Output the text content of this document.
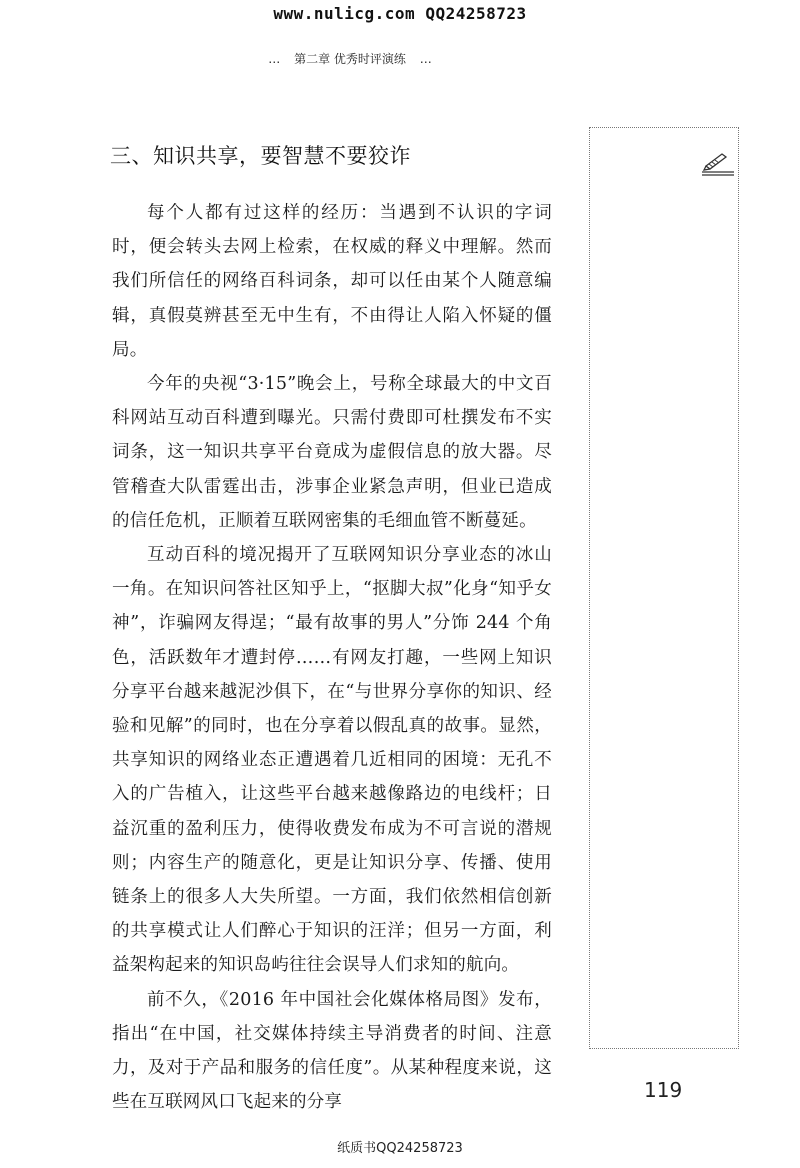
www.nulicg.com QQ24258723
… 第二章 优秀时评演练 …
三、知识共享，要智慧不要狡诈

每个人都有过这样的经历：当遇到不认识的字词时，便会转头去网上检索，在权威的释义中理解。然而我们所信任的网络百科词条，却可以任由某个人随意编辑，真假莫辨甚至无中生有，不由得让人陷入怀疑的僵局。

今年的央视“3·15”晚会上，号称全球最大的中文百科网站互动百科遭到曝光。只需付费即可杜撰发布不实词条，这一知识共享平台竟成为虚假信息的放大器。尽管稽查大队雷霆出击，涉事企业紧急声明，但业已造成的信任危机，正顺着互联网密集的毛细血管不断蔓延。

互动百科的境况揭开了互联网知识分享业态的冰山一角。在知识问答社区知乎上，“抠脚大叔”化身“知乎女神”，诈骗网友得逞；“最有故事的男人”分饰 244 个角色，活跃数年才遭封停……有网友打趣，一些网上知识分享平台越来越泥沙俱下，在“与世界分享你的知识、经验和见解”的同时，也在分享着以假乱真的故事。显然，共享知识的网络业态正遭遇着几近相同的困境：无孔不入的广告植入，让这些平台越来越像路边的电线杆；日益沉重的盈利压力，使得收费发布成为不可言说的潜规则；内容生产的随意化，更是让知识分享、传播、使用链条上的很多人大失所望。一方面，我们依然相信创新的共享模式让人们醉心于知识的汪洋；但另一方面，利益架构起来的知识岛屿往往会误导人们求知的航向。

前不久，《2016 年中国社会化媒体格局图》发布，指出“在中国，社交媒体持续主导消费者的时间、注意力，及对于产品和服务的信任度”。从某种程度来说，这些在互联网风口飞起来的分享

119
纸质书QQ24258723
